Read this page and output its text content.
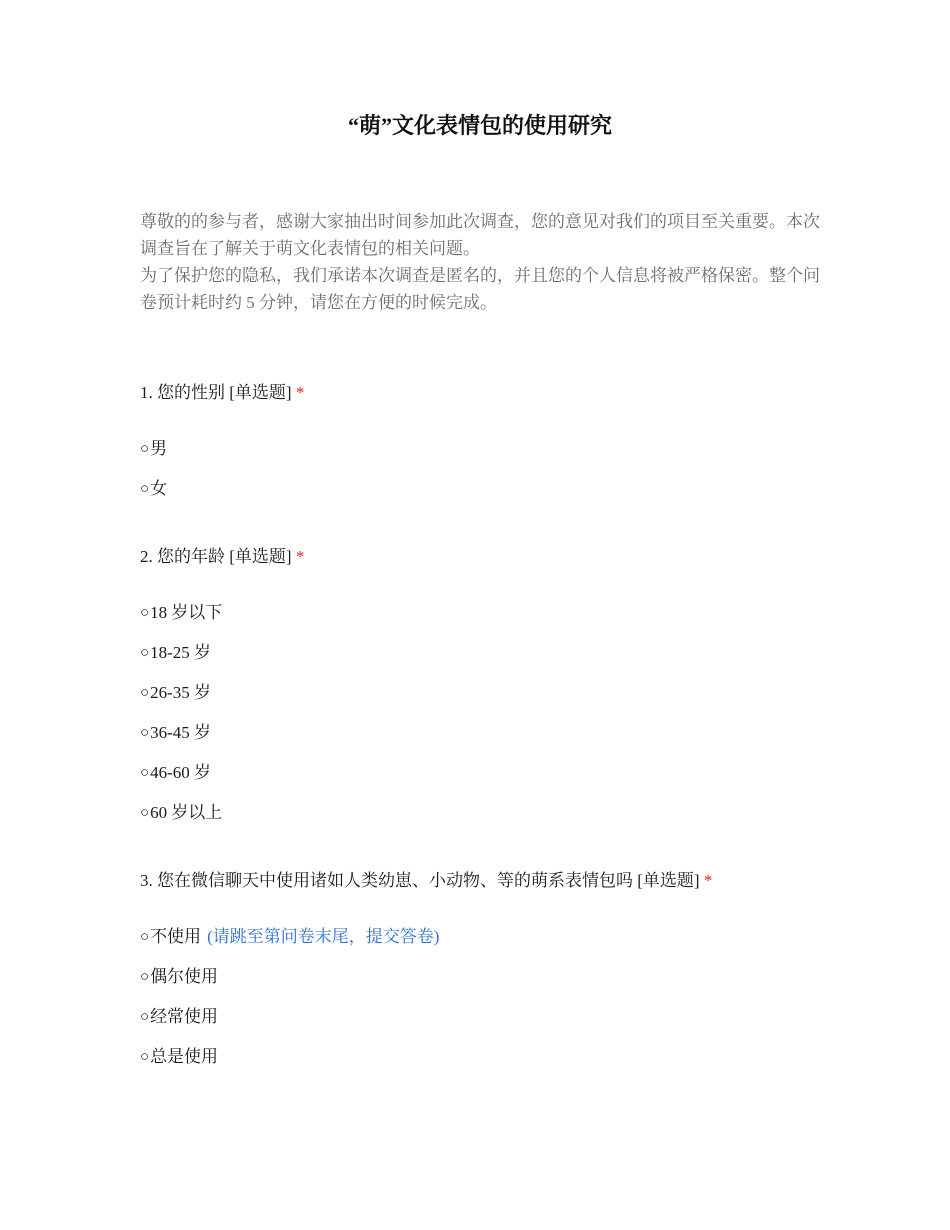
“萌”文化表情包的使用研究

尊敬的的参与者，感谢大家抽出时间参加此次调查，您的意见对我们的项目至关重要。本次调查旨在了解关于萌文化表情包的相关问题。

为了保护您的隐私，我们承诺本次调查是匿名的，并且您的个人信息将被严格保密。整个问卷预计耗时约 5 分钟，请您在方便的时候完成。

1. 您的性别 [单选题] *

○ 男
○ 女

2. 您的年龄 [单选题] *

○ 18 岁以下
○ 18-25 岁
○ 26-35 岁
○ 36-45 岁
○ 46-60 岁
○ 60 岁以上

3. 您在微信聊天中使用诸如人类幼崽、小动物、等的萌系表情包吗 [单选题] *

○ 不使用 (请跳至第问卷末尾，提交答卷)
○ 偶尔使用
○ 经常使用
○ 总是使用
